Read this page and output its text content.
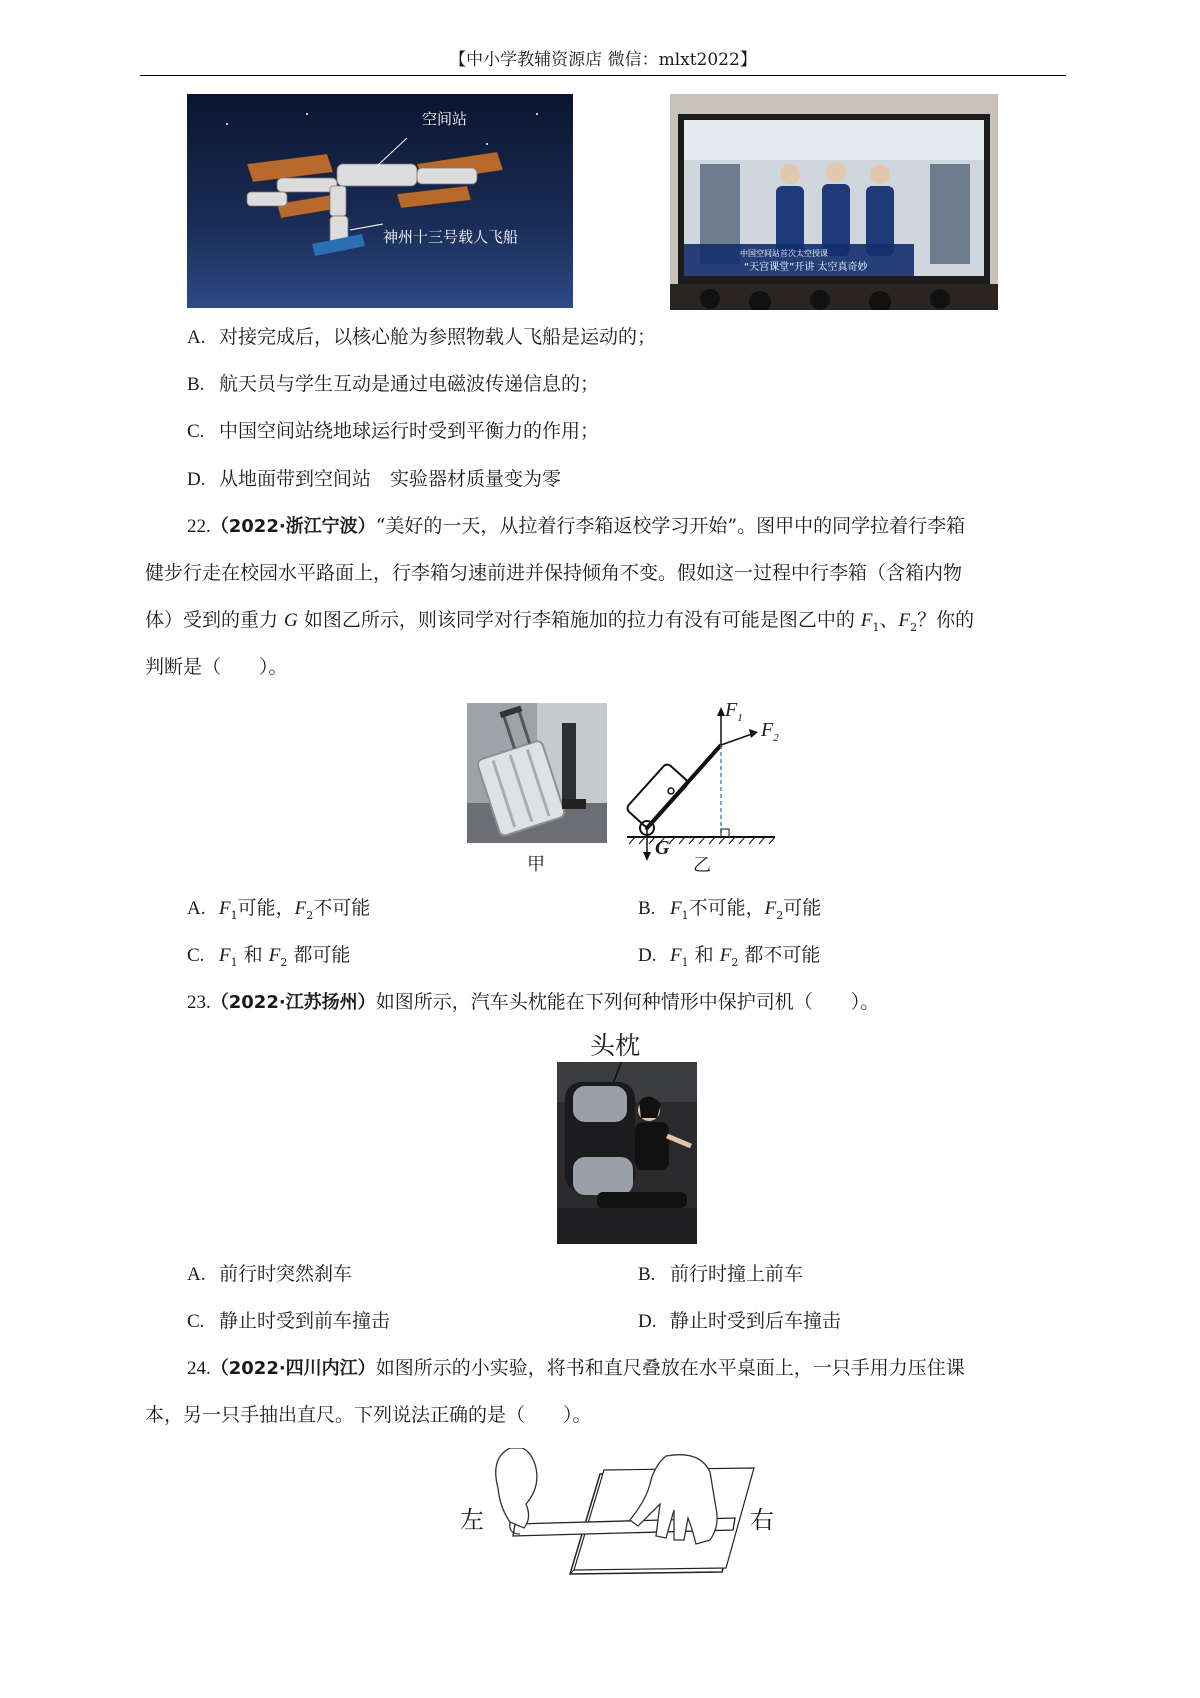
【中小学教辅资源店 微信：mlxt2022】
空间站
神州十三号载人飞船
中国空间站首次太空授课
“天宫课堂”开讲 太空真奇妙
A. 对接完成后，以核心舱为参照物载人飞船是运动的；
B. 航天员与学生互动是通过电磁波传递信息的；
C. 中国空间站绕地球运行时受到平衡力的作用；
D. 从地面带到空间站　实验器材质量变为零
22.（2022·浙江宁波）“美好的一天，从拉着行李箱返校学习开始”。图甲中的同学拉着行李箱
健步行走在校园水平路面上，行李箱匀速前进并保持倾角不变。假如这一过程中行李箱（含箱内物
体）受到的重力 G 如图乙所示，则该同学对行李箱施加的拉力有没有可能是图乙中的 $F_1$、$F_2$？你的
判断是（　　）。
甲
$F_1$
$F_2$
G
乙
A. $F_1$可能，$F_2$不可能	B. $F_1$不可能，$F_2$可能
C. $F_1$ 和 $F_2$ 都可能	D. $F_1$ 和 $F_2$ 都不可能
23.（2022·江苏扬州）如图所示，汽车头枕能在下列何种情形中保护司机（　　）。
头枕
A. 前行时突然刹车	B. 前行时撞上前车
C. 静止时受到前车撞击	D. 静止时受到后车撞击
24.（2022·四川内江）如图所示的小实验，将书和直尺叠放在水平桌面上，一只手用力压住课
本，另一只手抽出直尺。下列说法正确的是（　　）。
左	右
